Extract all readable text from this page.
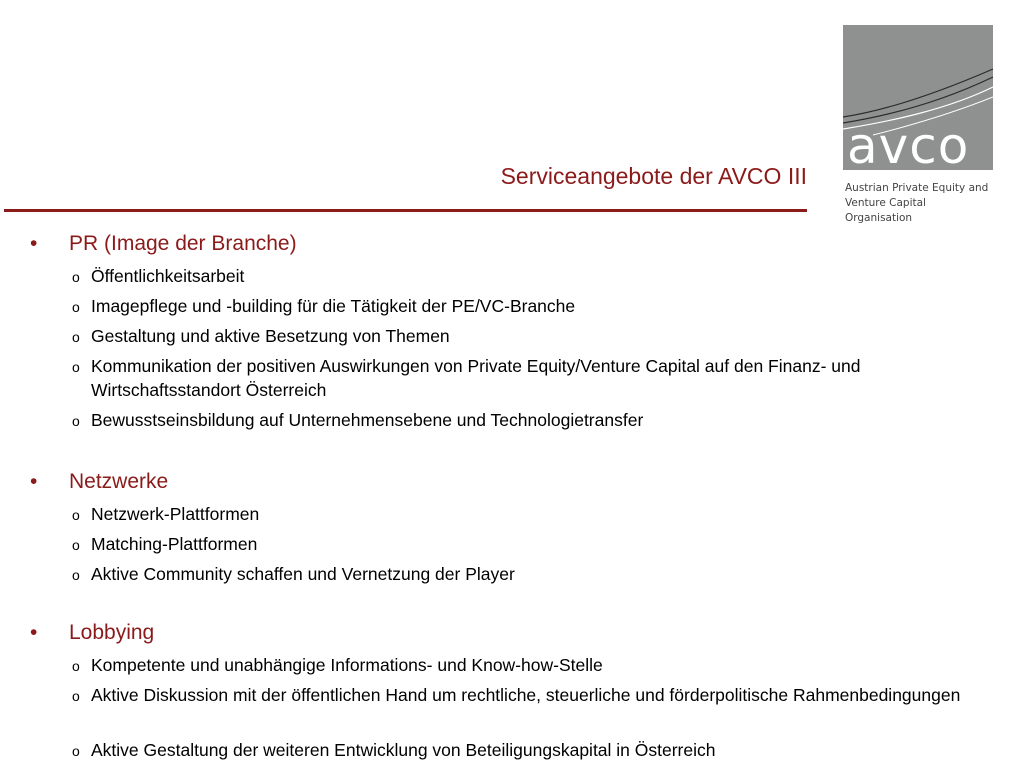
Serviceangebote der AVCO III
avco
Austrian Private Equity and
Venture Capital Organisation
• PR (Image der Branche)
o Öffentlichkeitsarbeit
o Imagepflege und -building für die Tätigkeit der PE/VC-Branche
o Gestaltung und aktive Besetzung von Themen
o Kommunikation der positiven Auswirkungen von Private Equity/Venture Capital auf den Finanz- und Wirtschaftsstandort Österreich
o Bewusstseinsbildung auf Unternehmensebene und Technologietransfer
• Netzwerke
o Netzwerk-Plattformen
o Matching-Plattformen
o Aktive Community schaffen und Vernetzung der Player
• Lobbying
o Kompetente und unabhängige Informations- und Know-how-Stelle
o Aktive Diskussion mit der öffentlichen Hand um rechtliche, steuerliche und förderpolitische Rahmenbedingungen
o Aktive Gestaltung der weiteren Entwicklung von Beteiligungskapital in Österreich
